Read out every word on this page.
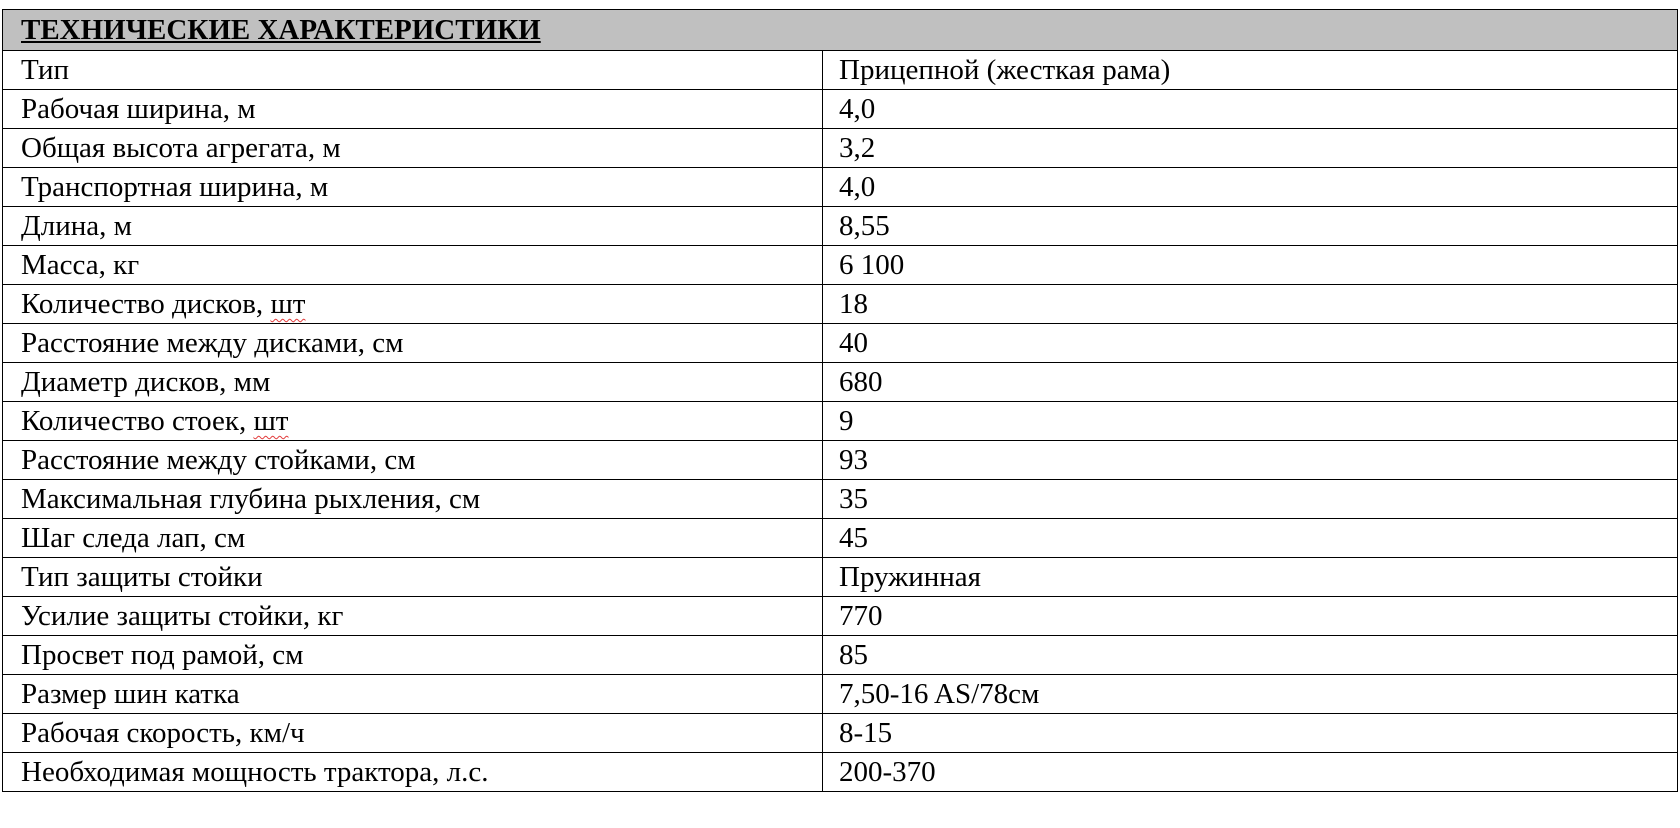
ТЕХНИЧЕСКИЕ ХАРАКТЕРИСТИКИ	
Тип	Прицепной (жесткая рама)
Рабочая ширина, м	4,0
Общая высота агрегата, м	3,2
Транспортная ширина, м	4,0
Длина, м	8,55
Масса, кг	6 100
Количество дисков, шт	18
Расстояние между дисками, см	40
Диаметр дисков, мм	680
Количество стоек, шт	9
Расстояние между стойками, см	93
Максимальная глубина рыхления, см	35
Шаг следа лап, см	45
Тип защиты стойки	Пружинная
Усилие защиты стойки, кг	770
Просвет под рамой, см	85
Размер шин катка	7,50-16 AS/78см
Рабочая скорость, км/ч	8-15
Необходимая мощность трактора, л.с.	200-370
